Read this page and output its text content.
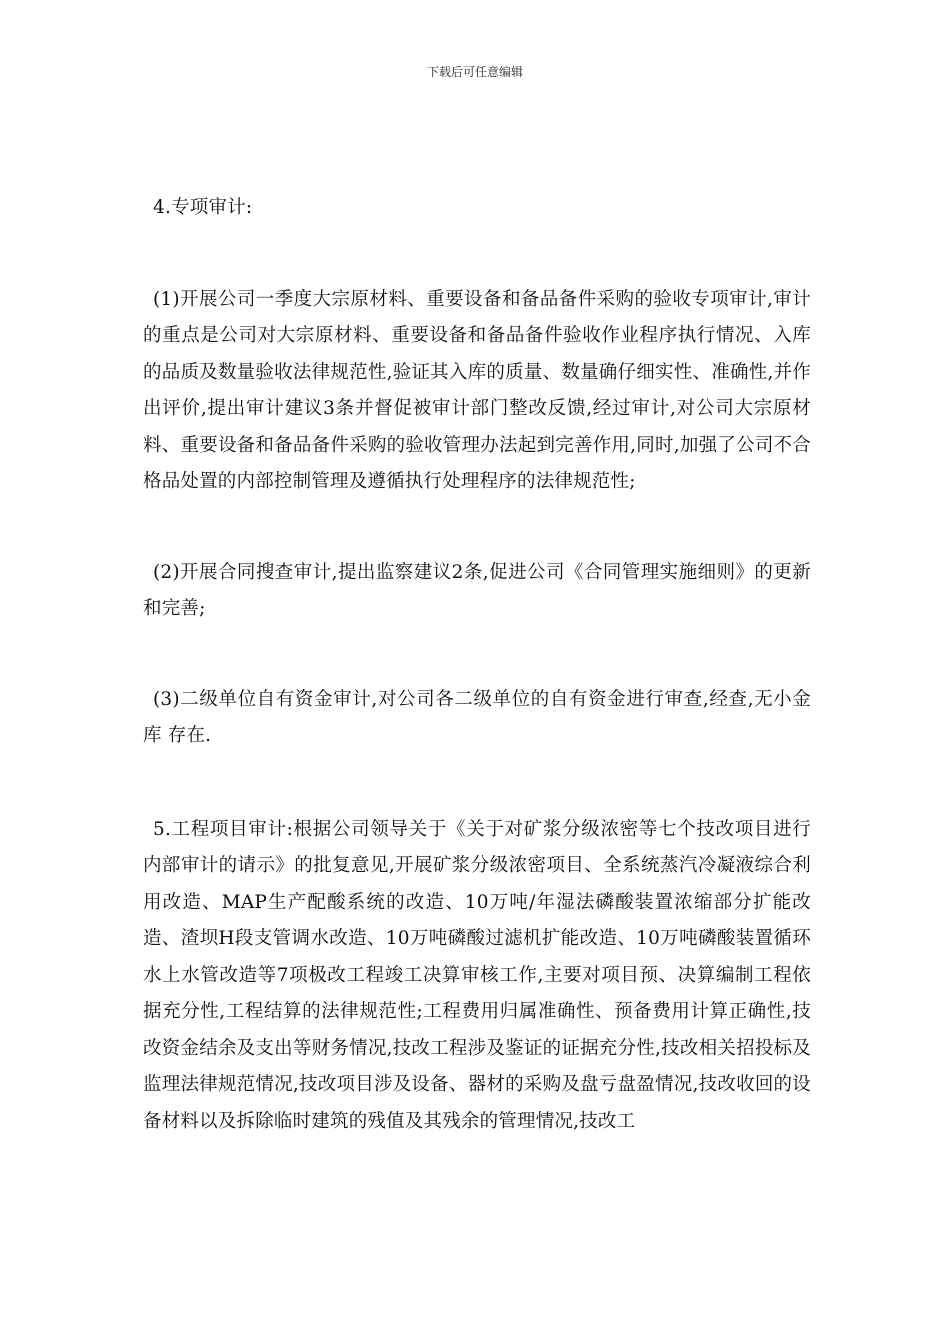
下载后可任意编辑

4.专项审计:

(1)开展公司一季度大宗原材料、重要设备和备品备件采购的验收专项审计,审计的重点是公司对大宗原材料、重要设备和备品备件验收作业程序执行情况、入库的品质及数量验收法律规范性,验证其入库的质量、数量确仔细实性、准确性,并作出评价,提出审计建议3条并督促被审计部门整改反馈,经过审计,对公司大宗原材料、重要设备和备品备件采购的验收管理办法起到完善作用,同时,加强了公司不合格品处置的内部控制管理及遵循执行处理程序的法律规范性;

(2)开展合同搜查审计,提出监察建议2条,促进公司《合同管理实施细则》的更新和完善;

(3)二级单位自有资金审计,对公司各二级单位的自有资金进行审查,经查,无小金库 存在.

5.工程项目审计:根据公司领导关于《关于对矿浆分级浓密等七个技改项目进行内部审计的请示》的批复意见,开展矿浆分级浓密项目、全系统蒸汽冷凝液综合利用改造、MAP生产配酸系统的改造、10万吨/年湿法磷酸装置浓缩部分扩能改造、渣坝H段支管调水改造、10万吨磷酸过滤机扩能改造、10万吨磷酸装置循环水上水管改造等7项极改工程竣工决算审核工作,主要对项目预、决算编制工程依据充分性,工程结算的法律规范性;工程费用归属准确性、预备费用计算正确性,技改资金结余及支出等财务情况,技改工程涉及鉴证的证据充分性,技改相关招投标及监理法律规范情况,技改项目涉及设备、器材的采购及盘亏盘盈情况,技改收回的设备材料以及拆除临时建筑的残值及其残余的管理情况,技改工
